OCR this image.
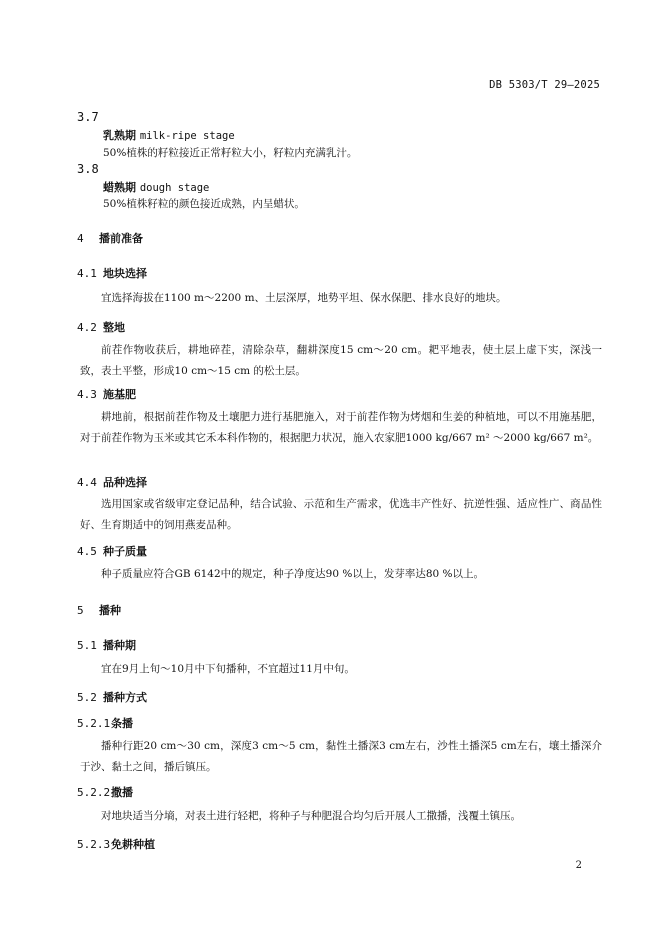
DB 5303/T 29—2025
3.7
乳熟期 milk-ripe stage
50%植株的籽粒接近正常籽粒大小，籽粒内充满乳汁。
3.8
蜡熟期 dough stage
50%植株籽粒的颜色接近成熟，内呈蜡状。
4 播前准备
4.1 地块选择
宜选择海拔在1100 m～2200 m、土层深厚，地势平坦、保水保肥、排水良好的地块。
4.2 整地
前茬作物收获后，耕地碎茬，清除杂草，翻耕深度15 cm～20 cm。耙平地表，使土层上虚下实，深浅一致，表土平整，形成10 cm～15 cm 的松土层。
4.3 施基肥
耕地前，根据前茬作物及土壤肥力进行基肥施入，对于前茬作物为烤烟和生姜的种植地，可以不用施基肥，对于前茬作物为玉米或其它禾本科作物的，根据肥力状况，施入农家肥1000 kg/667 m² ～2000 kg/667 m²。
4.4 品种选择
选用国家或省级审定登记品种，结合试验、示范和生产需求，优选丰产性好、抗逆性强、适应性广、商品性好、生育期适中的饲用燕麦品种。
4.5 种子质量
种子质量应符合GB 6142中的规定，种子净度达90 %以上，发芽率达80 %以上。
5 播种
5.1 播种期
宜在9月上旬～10月中下旬播种，不宜超过11月中旬。
5.2 播种方式
5.2.1条播
播种行距20 cm～30 cm，深度3 cm～5 cm，黏性土播深3 cm左右，沙性土播深5 cm左右，壤土播深介于沙、黏土之间，播后镇压。
5.2.2撒播
对地块适当分墒，对表土进行轻耙，将种子与种肥混合均匀后开展人工撒播，浅覆土镇压。
5.2.3免耕种植
2
